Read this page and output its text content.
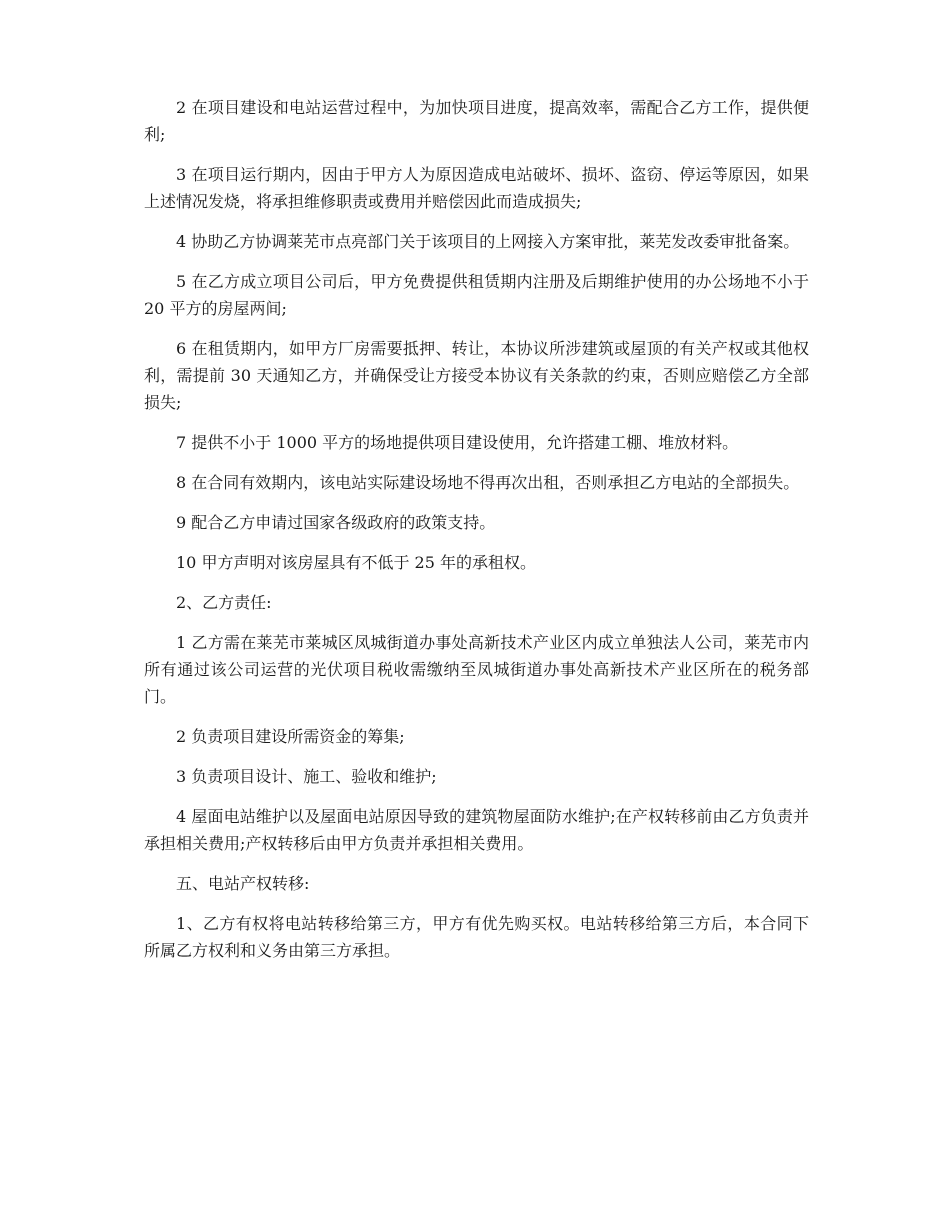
2 在项目建设和电站运营过程中，为加快项目进度，提高效率，需配合乙方工作，提供便利;

3 在项目运行期内，因由于甲方人为原因造成电站破坏、损坏、盗窃、停运等原因，如果上述情况发烧，将承担维修职责或费用并赔偿因此而造成损失;

4 协助乙方协调莱芜市点亮部门关于该项目的上网接入方案审批，莱芜发改委审批备案。

5 在乙方成立项目公司后，甲方免费提供租赁期内注册及后期维护使用的办公场地不小于 20 平方的房屋两间;

6 在租赁期内，如甲方厂房需要抵押、转让，本协议所涉建筑或屋顶的有关产权或其他权利，需提前 30 天通知乙方，并确保受让方接受本协议有关条款的约束，否则应赔偿乙方全部损失;

7 提供不小于 1000 平方的场地提供项目建设使用，允许搭建工棚、堆放材料。

8 在合同有效期内，该电站实际建设场地不得再次出租，否则承担乙方电站的全部损失。

9 配合乙方申请过国家各级政府的政策支持。

10 甲方声明对该房屋具有不低于 25 年的承租权。

2、乙方责任:

1 乙方需在莱芜市莱城区凤城街道办事处高新技术产业区内成立单独法人公司，莱芜市内所有通过该公司运营的光伏项目税收需缴纳至凤城街道办事处高新技术产业区所在的税务部门。

2 负责项目建设所需资金的筹集;

3 负责项目设计、施工、验收和维护;

4 屋面电站维护以及屋面电站原因导致的建筑物屋面防水维护;在产权转移前由乙方负责并承担相关费用;产权转移后由甲方负责并承担相关费用。

五、电站产权转移:

1、乙方有权将电站转移给第三方，甲方有优先购买权。电站转移给第三方后，本合同下所属乙方权利和义务由第三方承担。
